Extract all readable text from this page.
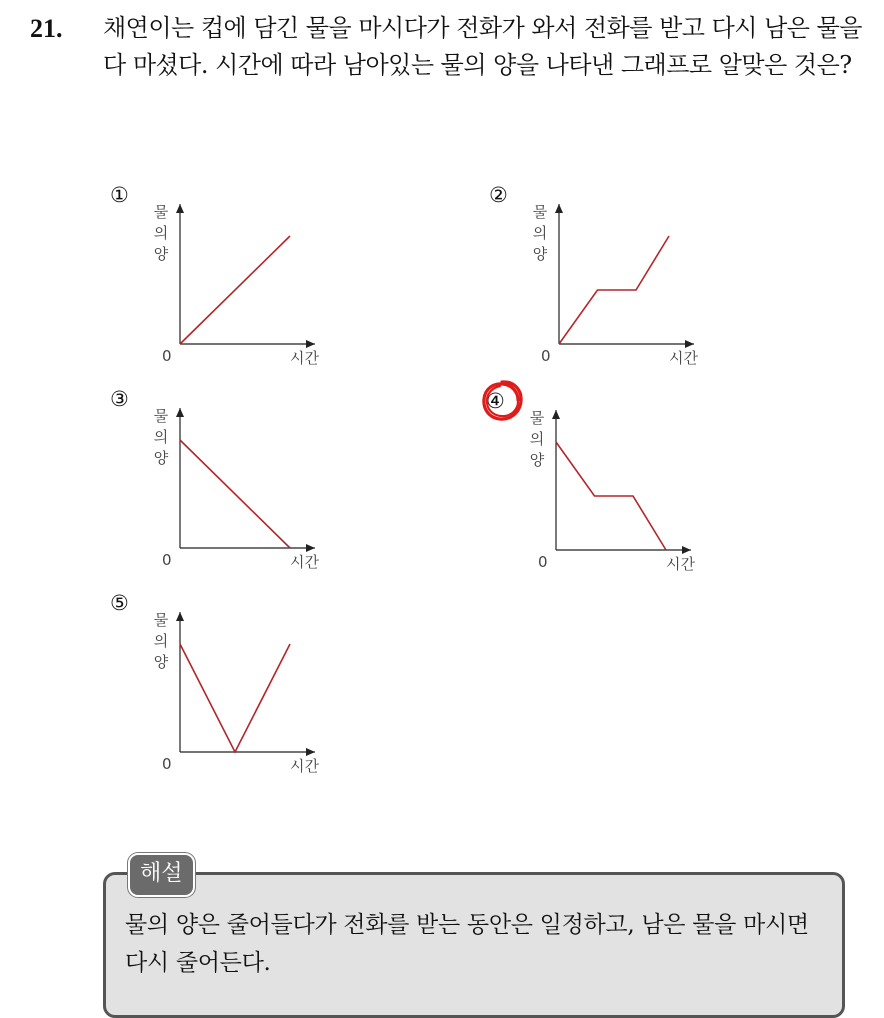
21. 채연이는 컵에 담긴 물을 마시다가 전화가 와서 전화를 받고 다시 남은 물을 다 마셨다. 시간에 따라 남아있는 물의 양을 나타낸 그래프로 알맞은 것은?
①
물
의
양
0	시간
②
물
의
양
0	시간
③
물
의
양
0	시간
④
물
의
양
0	시간
⑤
물
의
양
0	시간
해설
물의 양은 줄어들다가 전화를 받는 동안은 일정하고, 남은 물을 마시면 다시 줄어든다.
